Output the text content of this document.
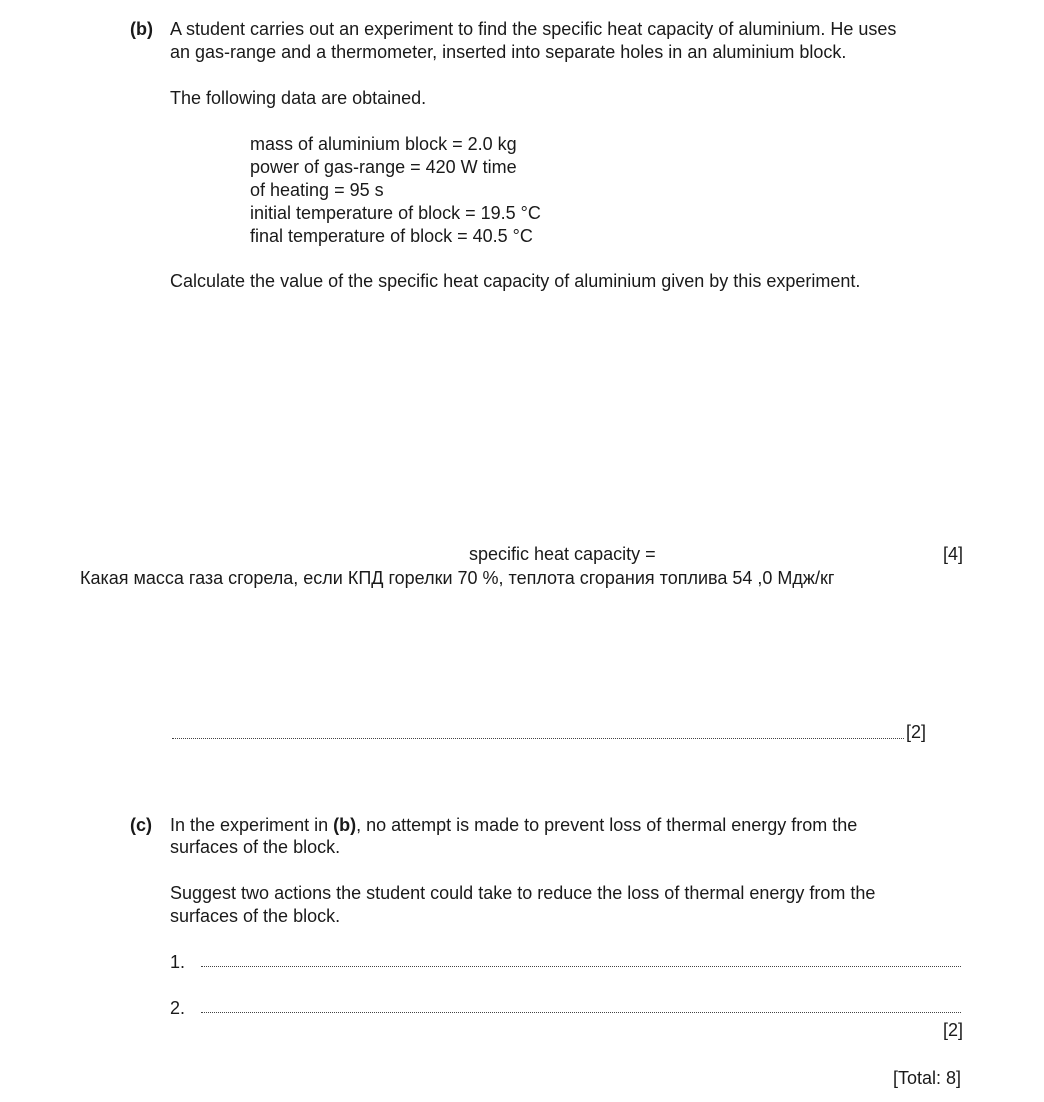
(b) A student carries out an experiment to find the specific heat capacity of aluminium. He uses
an gas-range and a thermometer, inserted into separate holes in an aluminium block.
The following data are obtained.
mass of aluminium block = 2.0 kg
power of gas-range = 420 W time
of heating = 95 s
initial temperature of block = 19.5 °C
final temperature of block = 40.5 °C
Calculate the value of the specific heat capacity of aluminium given by this experiment.
specific heat capacity =	[4]
Какая масса газа сгорела, если КПД горелки 70 %, теплота сгорания топлива 54 ,0 Мдж/кг
[2]
(c) In the experiment in (b), no attempt is made to prevent loss of thermal energy from the
surfaces of the block.
Suggest two actions the student could take to reduce the loss of thermal energy from the
surfaces of the block.
1.
2.
[2]
[Total: 8]
